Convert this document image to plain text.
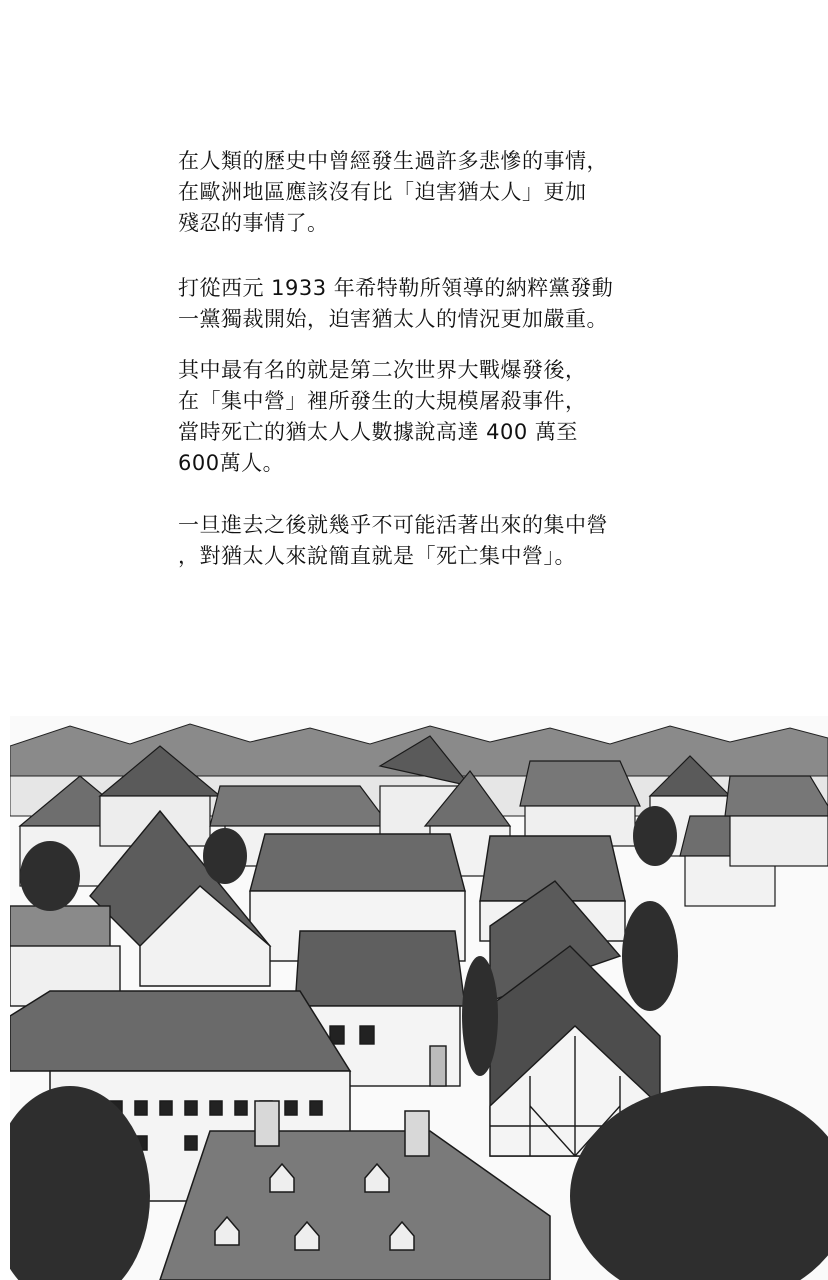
在人類的歷史中曾經發生過許多悲慘的事情，
在歐洲地區應該沒有比「迫害猶太人」更加
殘忍的事情了。
打從西元 1933 年希特勒所領導的納粹黨發動
一黨獨裁開始，迫害猶太人的情況更加嚴重。
其中最有名的就是第二次世界大戰爆發後，
在「集中營」裡所發生的大規模屠殺事件，
當時死亡的猶太人人數據說高達 400 萬至
600萬人。
一旦進去之後就幾乎不可能活著出來的集中營
，對猶太人來說簡直就是「死亡集中營」。
